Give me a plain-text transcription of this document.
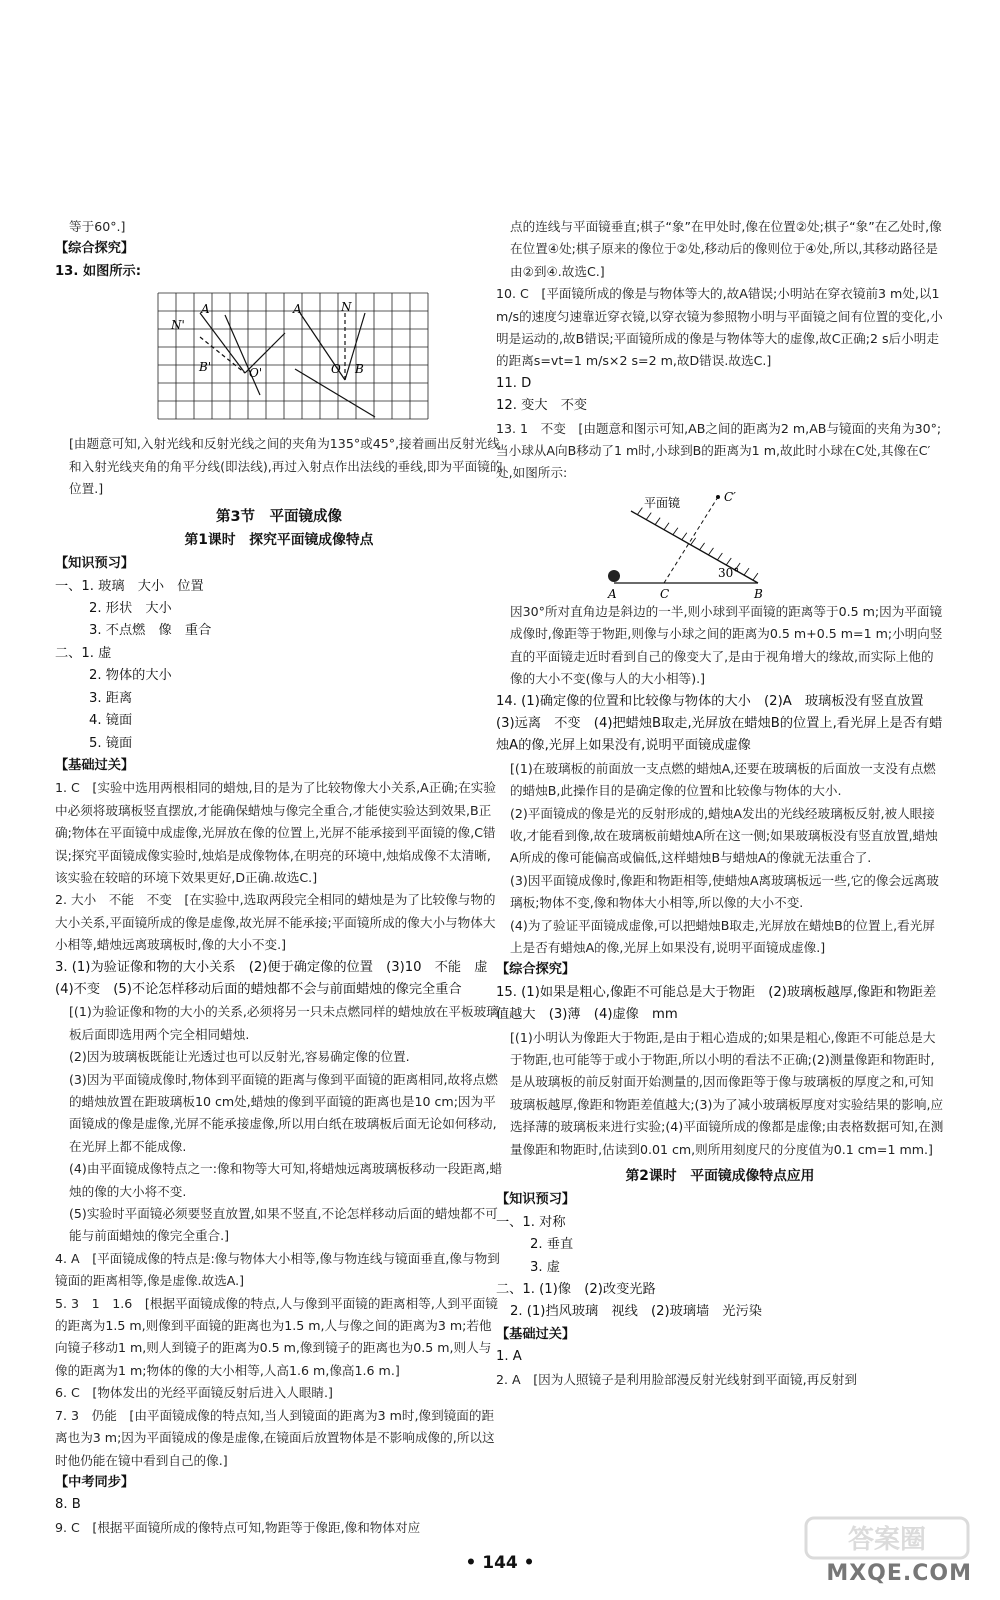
等于60°.]

【综合探究】

13. 如图所示:

N'
A
B'	O'
A	N
O B

[由题意可知,入射光线和反射光线之间的夹角为135°或45°,接着画出反射光线和入射光线夹角的角平分线(即法线),再过入射点作出法线的垂线,即为平面镜的位置.]

第3节　平面镜成像

第1课时　探究平面镜成像特点

【知识预习】

一、1. 玻璃　大小　位置

2. 形状　大小

3. 不点燃　像　重合

二、1. 虚

2. 物体的大小

3. 距离

4. 镜面

5. 镜面

【基础过关】

1. C　[实验中选用两根相同的蜡烛,目的是为了比较物像大小关系,A正确;在实验中必须将玻璃板竖直摆放,才能确保蜡烛与像完全重合,才能使实验达到效果,B正确;物体在平面镜中成虚像,光屏放在像的位置上,光屏不能承接到平面镜的像,C错误;探究平面镜成像实验时,烛焰是成像物体,在明亮的环境中,烛焰成像不太清晰,该实验在较暗的环境下效果更好,D正确.故选C.]

2. 大小　不能　不变　[在实验中,选取两段完全相同的蜡烛是为了比较像与物的大小关系,平面镜所成的像是虚像,故光屏不能承接;平面镜所成的像大小与物体大小相等,蜡烛远离玻璃板时,像的大小不变.]

3. (1)为验证像和物的大小关系　(2)便于确定像的位置　(3)10　不能　虚　(4)不变　(5)不论怎样移动后面的蜡烛都不会与前面蜡烛的像完全重合

[(1)为验证像和物的大小的关系,必须将另一只未点燃同样的蜡烛放在平板玻璃板后面即选用两个完全相同蜡烛.

(2)因为玻璃板既能让光透过也可以反射光,容易确定像的位置.

(3)因为平面镜成像时,物体到平面镜的距离与像到平面镜的距离相同,故将点燃的蜡烛放置在距玻璃板10 cm处,蜡烛的像到平面镜的距离也是10 cm;因为平面镜成的像是虚像,光屏不能承接虚像,所以用白纸在玻璃板后面无论如何移动,在光屏上都不能成像.

(4)由平面镜成像特点之一:像和物等大可知,将蜡烛远离玻璃板移动一段距离,蜡烛的像的大小将不变.

(5)实验时平面镜必须要竖直放置,如果不竖直,不论怎样移动后面的蜡烛都不可能与前面蜡烛的像完全重合.]

4. A　[平面镜成像的特点是:像与物体大小相等,像与物连线与镜面垂直,像与物到镜面的距离相等,像是虚像.故选A.]

5. 3　1　1.6　[根据平面镜成像的特点,人与像到平面镜的距离相等,人到平面镜的距离为1.5 m,则像到平面镜的距离也为1.5 m,人与像之间的距离为3 m;若他向镜子移动1 m,则人到镜子的距离为0.5 m,像到镜子的距离也为0.5 m,则人与像的距离为1 m;物体的像的大小相等,人高1.6 m,像高1.6 m.]

6. C　[物体发出的光经平面镜反射后进入人眼睛.]

7. 3　仍能　[由平面镜成像的特点知,当人到镜面的距离为3 m时,像到镜面的距离也为3 m;因为平面镜成的像是虚像,在镜面后放置物体是不影响成像的,所以这时他仍能在镜中看到自己的像.]

【中考同步】

8. B

9. C　[根据平面镜所成的像特点可知,物距等于像距,像和物体对应

点的连线与平面镜垂直;棋子“象”在甲处时,像在位置②处;棋子“象”在乙处时,像在位置④处;棋子原来的像位于②处,移动后的像则位于④处,所以,其移动路径是由②到④.故选C.]

10. C　[平面镜所成的像是与物体等大的,故A错误;小明站在穿衣镜前3 m处,以1 m/s的速度匀速靠近穿衣镜,以穿衣镜为参照物小明与平面镜之间有位置的变化,小明是运动的,故B错误;平面镜所成的像是与物体等大的虚像,故C正确;2 s后小明走的距离s=vt=1 m/s×2 s=2 m,故D错误.故选C.]

11. D

12. 变大　不变

13. 1　不变　[由题意和图示可知,AB之间的距离为2 m,AB与镜面的夹角为30°;当小球从A向B移动了1 m时,小球到B的距离为1 m,故此时小球在C处,其像在C′处,如图所示:

平面镜	C′
30°
A	C	B

因30°所对直角边是斜边的一半,则小球到平面镜的距离等于0.5 m;因为平面镜成像时,像距等于物距,则像与小球之间的距离为0.5 m+0.5 m=1 m;小明向竖直的平面镜走近时看到自己的像变大了,是由于视角增大的缘故,而实际上他的像的大小不变(像与人的大小相等).]

14. (1)确定像的位置和比较像与物体的大小　(2)A　玻璃板没有竖直放置　(3)远离　不变　(4)把蜡烛B取走,光屏放在蜡烛B的位置上,看光屏上是否有蜡烛A的像,光屏上如果没有,说明平面镜成虚像

[(1)在玻璃板的前面放一支点燃的蜡烛A,还要在玻璃板的后面放一支没有点燃的蜡烛B,此操作目的是确定像的位置和比较像与物体的大小.

(2)平面镜成的像是光的反射形成的,蜡烛A发出的光线经玻璃板反射,被人眼接收,才能看到像,故在玻璃板前蜡烛A所在这一侧;如果玻璃板没有竖直放置,蜡烛A所成的像可能偏高或偏低,这样蜡烛B与蜡烛A的像就无法重合了.

(3)因平面镜成像时,像距和物距相等,使蜡烛A离玻璃板远一些,它的像会远离玻璃板;物体不变,像和物体大小相等,所以像的大小不变.

(4)为了验证平面镜成虚像,可以把蜡烛B取走,光屏放在蜡烛B的位置上,看光屏上是否有蜡烛A的像,光屏上如果没有,说明平面镜成虚像.]

【综合探究】

15. (1)如果是粗心,像距不可能总是大于物距　(2)玻璃板越厚,像距和物距差值越大　(3)薄　(4)虚像　mm

[(1)小明认为像距大于物距,是由于粗心造成的;如果是粗心,像距不可能总是大于物距,也可能等于或小于物距,所以小明的看法不正确;(2)测量像距和物距时,是从玻璃板的前反射面开始测量的,因而像距等于像与玻璃板的厚度之和,可知玻璃板越厚,像距和物距差值越大;(3)为了减小玻璃板厚度对实验结果的影响,应选择薄的玻璃板来进行实验;(4)平面镜所成的像都是虚像;由表格数据可知,在测量像距和物距时,估读到0.01 cm,则所用刻度尺的分度值为0.1 cm=1 mm.]

第2课时　平面镜成像特点应用

【知识预习】

一、1. 对称

2. 垂直

3. 虚

二、1. (1)像　(2)改变光路

2. (1)挡风玻璃　视线　(2)玻璃墙　光污染

【基础过关】

1. A

2. A　[因为人照镜子是利用脸部漫反射光线射到平面镜,再反射到

• 144 •
答案圈
MXQE.COM
